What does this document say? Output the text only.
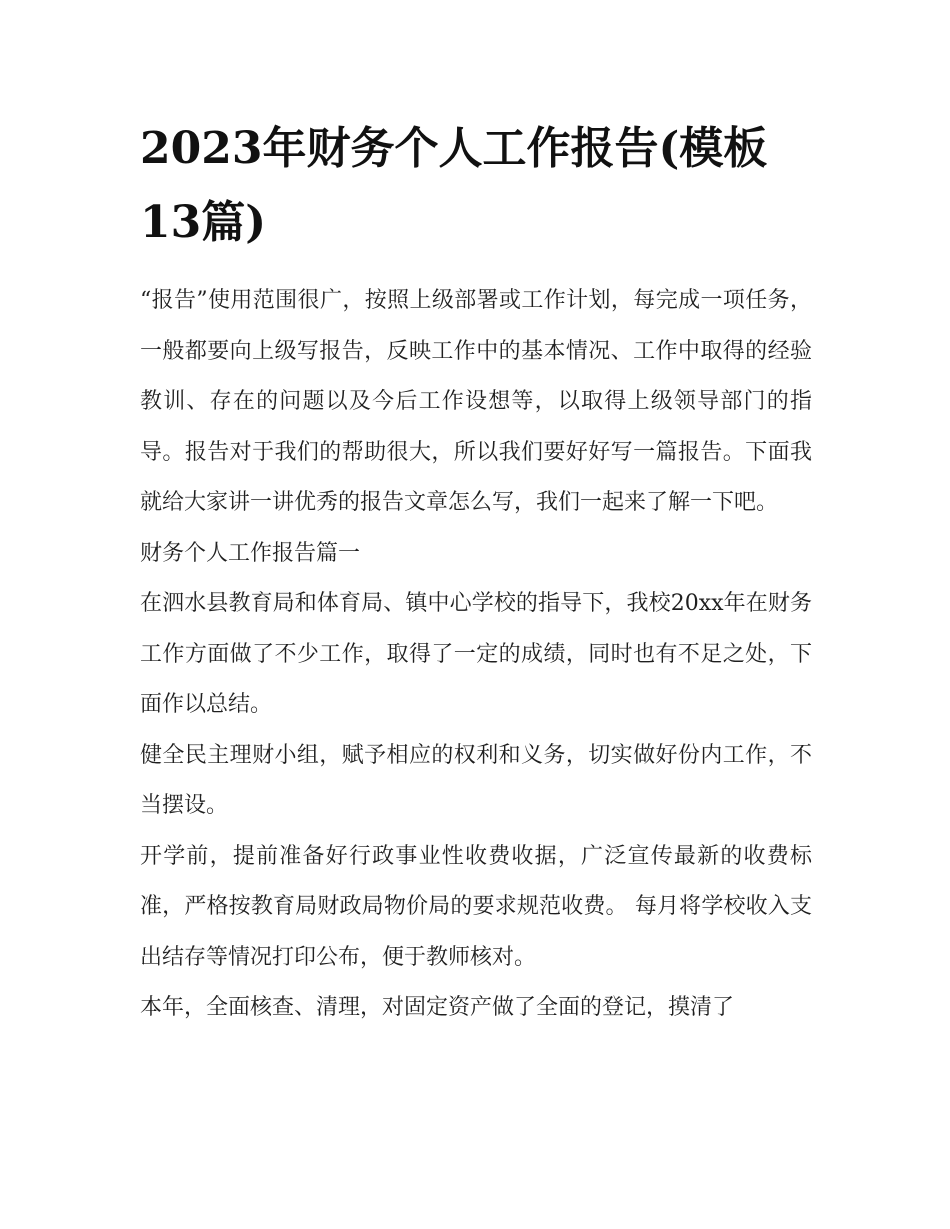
2023年财务个人工作报告(模板13篇)

“报告”使用范围很广，按照上级部署或工作计划，每完成一项任务，一般都要向上级写报告，反映工作中的基本情况、工作中取得的经验教训、存在的问题以及今后工作设想等，以取得上级领导部门的指导。报告对于我们的帮助很大，所以我们要好好写一篇报告。下面我就给大家讲一讲优秀的报告文章怎么写，我们一起来了解一下吧。

财务个人工作报告篇一

在泗水县教育局和体育局、镇中心学校的指导下，我校20xx年在财务工作方面做了不少工作，取得了一定的成绩，同时也有不足之处，下面作以总结。

健全民主理财小组，赋予相应的权利和义务，切实做好份内工作，不当摆设。

开学前，提前准备好行政事业性收费收据，广泛宣传最新的收费标准，严格按教育局财政局物价局的要求规范收费。 每月将学校收入支出结存等情况打印公布，便于教师核对。

本年，全面核查、清理，对固定资产做了全面的登记，摸清了
